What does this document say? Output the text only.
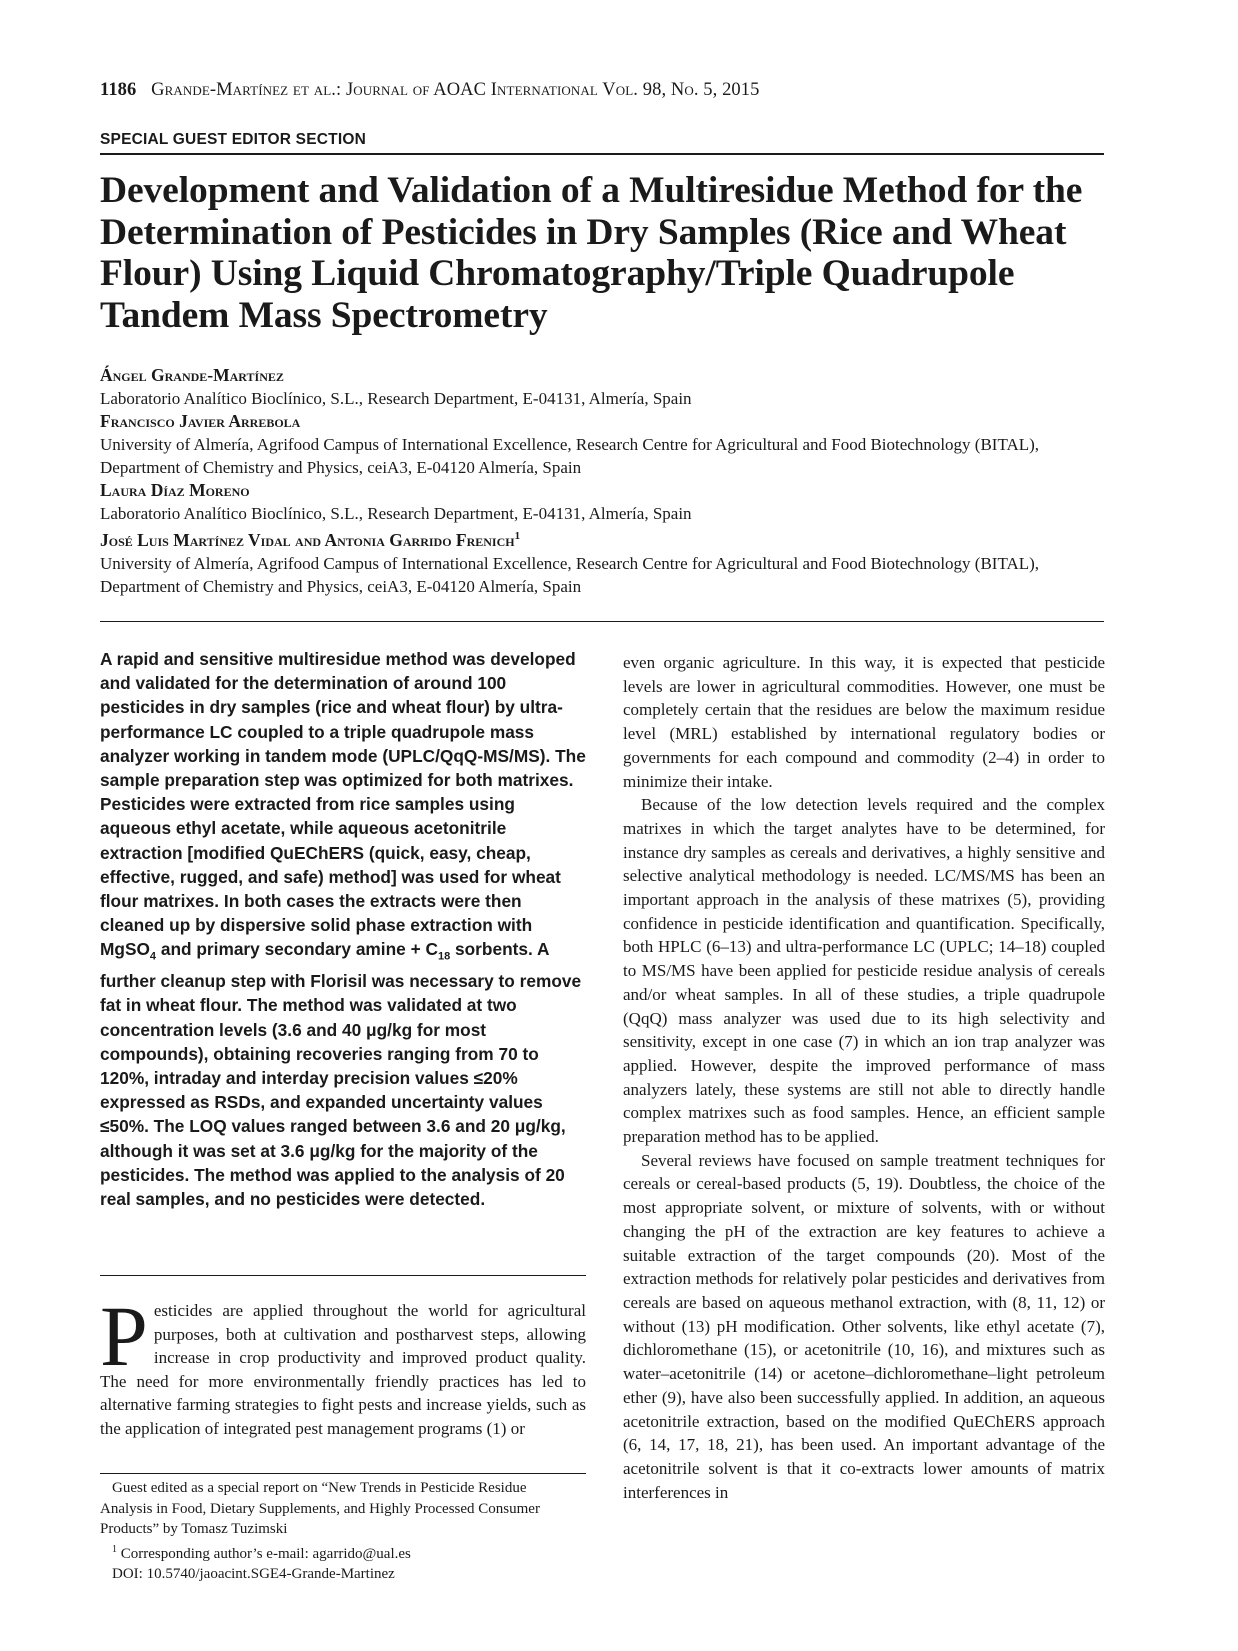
1186 Grande-Martínez et al.: Journal of AOAC International Vol. 98, No. 5, 2015
SPECIAL GUEST EDITOR SECTION
Development and Validation of a Multiresidue Method for the Determination of Pesticides in Dry Samples (Rice and Wheat Flour) Using Liquid Chromatography/Triple Quadrupole Tandem Mass Spectrometry
Ángel Grande-Martínez
Laboratorio Analítico Bioclínico, S.L., Research Department, E-04131, Almería, Spain
Francisco Javier Arrebola
University of Almería, Agrifood Campus of International Excellence, Research Centre for Agricultural and Food Biotechnology (BITAL), Department of Chemistry and Physics, ceiA3, E-04120 Almería, Spain
Laura Díaz Moreno
Laboratorio Analítico Bioclínico, S.L., Research Department, E-04131, Almería, Spain
José Luis Martínez Vidal and Antonia Garrido Frenich$^1$
University of Almería, Agrifood Campus of International Excellence, Research Centre for Agricultural and Food Biotechnology (BITAL), Department of Chemistry and Physics, ceiA3, E-04120 Almería, Spain
A rapid and sensitive multiresidue method was developed and validated for the determination of around 100 pesticides in dry samples (rice and wheat flour) by ultra-performance LC coupled to a triple quadrupole mass analyzer working in tandem mode (UPLC/QqQ-MS/MS). The sample preparation step was optimized for both matrixes. Pesticides were extracted from rice samples using aqueous ethyl acetate, while aqueous acetonitrile extraction [modified QuEChERS (quick, easy, cheap, effective, rugged, and safe) method] was used for wheat flour matrixes. In both cases the extracts were then cleaned up by dispersive solid phase extraction with MgSO$_4$ and primary secondary $amine + C_{18}$ sorbents. A further cleanup step with Florisil was necessary to remove fat in wheat flour. The method was validated at two concentration levels (3.6 and 40 μg/kg for most compounds), obtaining recoveries ranging from 70 to 120%, intraday and interday precision values ≤20% expressed as RSDs, and expanded uncertainty values ≤50%. The LOQ values ranged between 3.6 and 20 μg/kg, although it was set at 3.6 μg/kg for the majority of the pesticides. The method was applied to the analysis of 20 real samples, and no pesticides were detected.
Pesticides are applied throughout the world for agricultural purposes, both at cultivation and postharvest steps, allowing increase in crop productivity and improved product quality. The need for more environmentally friendly practices has led to alternative farming strategies to fight pests and increase yields, such as the application of integrated pest management programs (1) or

Guest edited as a special report on “New Trends in Pesticide Residue Analysis in Food, Dietary Supplements, and Highly Processed Consumer Products” by Tomasz Tuzimski

$^1$ Corresponding author’s e-mail: agarrido@ual.es

DOI: 10.5740/jaoacint.SGE4-Grande-Martinez

even organic agriculture. In this way, it is expected that pesticide levels are lower in agricultural commodities. However, one must be completely certain that the residues are below the maximum residue level (MRL) established by international regulatory bodies or governments for each compound and commodity (2–4) in order to minimize their intake.

Because of the low detection levels required and the complex matrixes in which the target analytes have to be determined, for instance dry samples as cereals and derivatives, a highly sensitive and selective analytical methodology is needed. LC/MS/MS has been an important approach in the analysis of these matrixes (5), providing confidence in pesticide identification and quantification. Specifically, both HPLC (6–13) and ultra-performance LC (UPLC; 14–18) coupled to MS/MS have been applied for pesticide residue analysis of cereals and/or wheat samples. In all of these studies, a triple quadrupole (QqQ) mass analyzer was used due to its high selectivity and sensitivity, except in one case (7) in which an ion trap analyzer was applied. However, despite the improved performance of mass analyzers lately, these systems are still not able to directly handle complex matrixes such as food samples. Hence, an efficient sample preparation method has to be applied.

Several reviews have focused on sample treatment techniques for cereals or cereal-based products (5, 19). Doubtless, the choice of the most appropriate solvent, or mixture of solvents, with or without changing the pH of the extraction are key features to achieve a suitable extraction of the target compounds (20). Most of the extraction methods for relatively polar pesticides and derivatives from cereals are based on aqueous methanol extraction, with (8, 11, 12) or without (13) pH modification. Other solvents, like ethyl acetate (7), dichloromethane (15), or acetonitrile (10, 16), and mixtures such as water–acetonitrile (14) or acetone–dichloromethane–light petroleum ether (9), have also been successfully applied. In addition, an aqueous acetonitrile extraction, based on the modified QuEChERS approach (6, 14, 17, 18, 21), has been used. An important advantage of the acetonitrile solvent is that it co-extracts lower amounts of matrix interferences in
